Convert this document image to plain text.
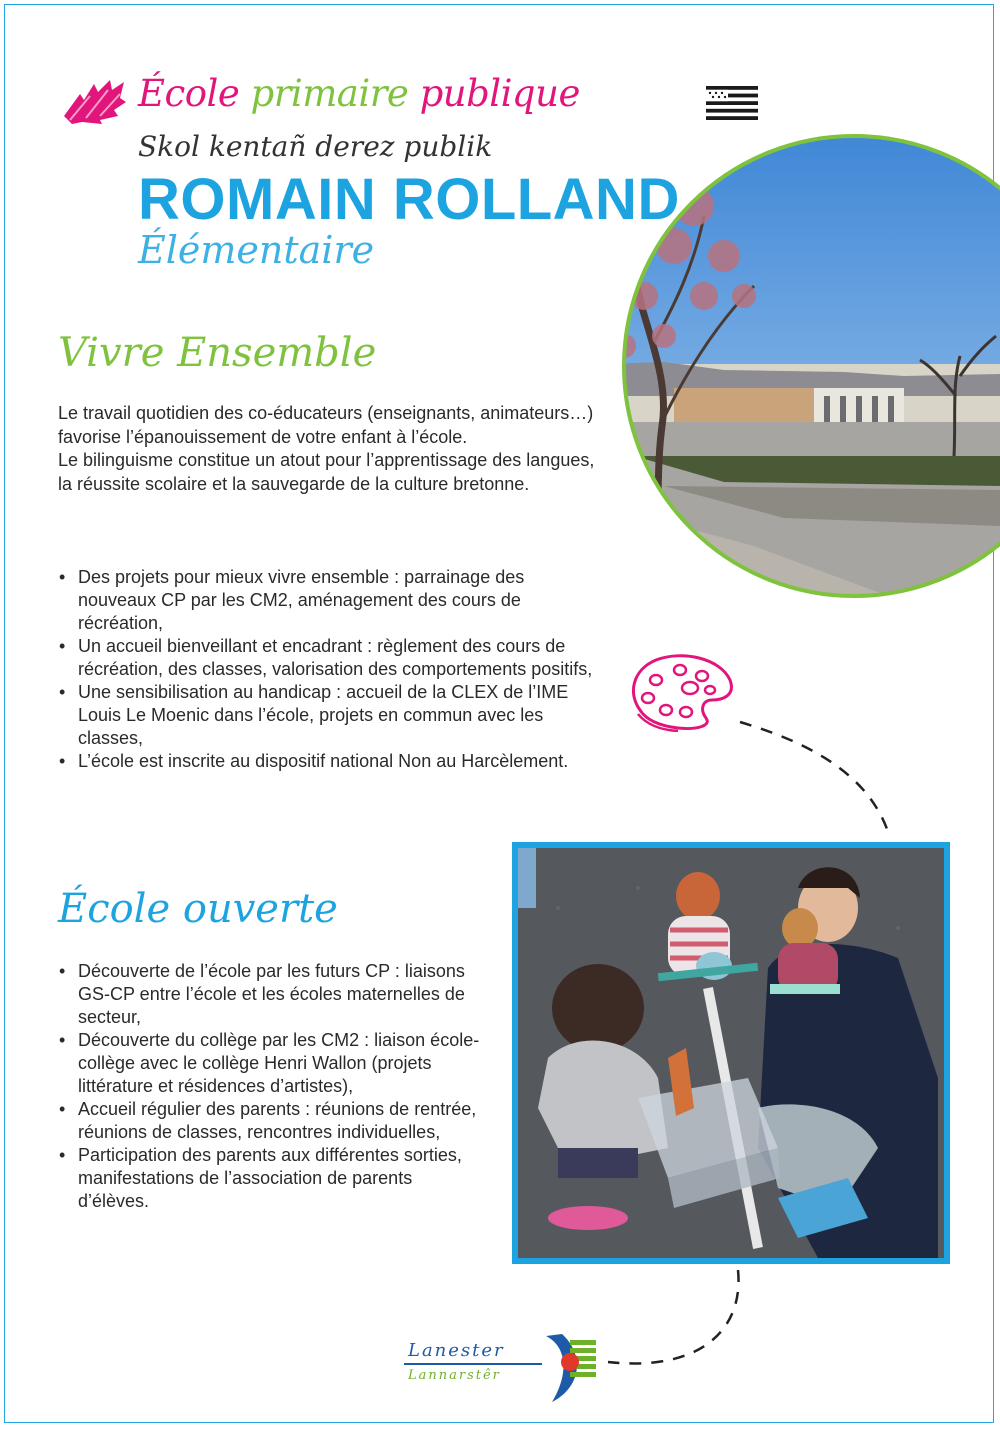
École primaire publique
Skol kentañ derez publik
ROMAIN ROLLAND
Élémentaire
Vivre Ensemble

Le travail quotidien des co-éducateurs (enseignants, animateurs…) favorise l’épanouissement de votre enfant à l’école.

Le bilinguisme constitue un atout pour l’apprentissage des langues, la réussite scolaire et la sauvegarde de la culture bretonne.

• Des projets pour mieux vivre ensemble : parrainage des nouveaux CP par les CM2, aménagement des cours de récréation,
• Un accueil bienveillant et encadrant : règlement des cours de récréation, des classes, valorisation des comportements positifs,
• Une sensibilisation au handicap : accueil de la CLEX de l’IME Louis Le Moenic dans l’école, projets en commun avec les classes,
• L’école est inscrite au dispositif national Non au Harcèlement.
École ouverte
• Découverte de l’école par les futurs CP : liaisons GS-CP entre l’école et les écoles maternelles de secteur,
• Découverte du collège par les CM2 : liaison école-collège avec le collège Henri Wallon (projets littérature et résidences d’artistes),
• Accueil régulier des parents : réunions de rentrée, réunions de classes, rencontres individuelles,
• Participation des parents aux différentes sorties, manifestations de l’association de parents d’élèves.
Lanester
Lannarstêr
